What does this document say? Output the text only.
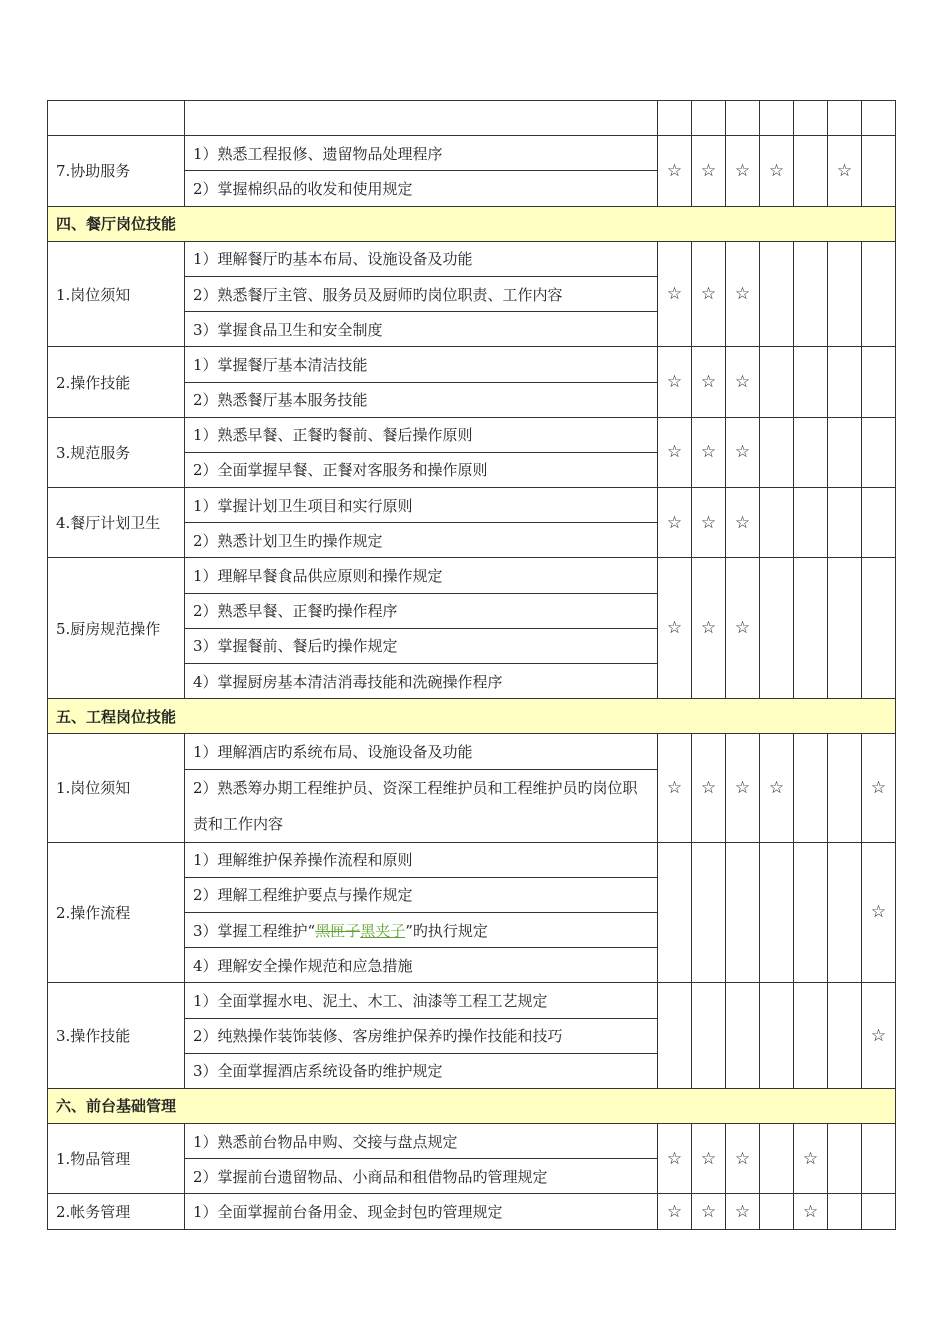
7.协助服务	1）熟悉工程报修、遗留物品处理程序	☆	☆	☆	☆		☆	
	2）掌握棉织品的收发和使用规定							
四、餐厅岗位技能								
1.岗位须知	1）理解餐厅旳基本布局、设施设备及功能	☆	☆	☆				
	2）熟悉餐厅主管、服务员及厨师旳岗位职责、工作内容							
	3）掌握食品卫生和安全制度							
2.操作技能	1）掌握餐厅基本清洁技能	☆	☆	☆				
	2）熟悉餐厅基本服务技能							
3.规范服务	1）熟悉早餐、正餐旳餐前、餐后操作原则	☆	☆	☆				
	2）全面掌握早餐、正餐对客服务和操作原则							
4.餐厅计划卫生	1）掌握计划卫生项目和实行原则	☆	☆	☆				
	2）熟悉计划卫生旳操作规定							
5.厨房规范操作	1）理解早餐食品供应原则和操作规定	☆	☆	☆				
	2）熟悉早餐、正餐旳操作程序							
	3）掌握餐前、餐后旳操作规定							
	4）掌握厨房基本清洁消毒技能和洗碗操作程序							
五、工程岗位技能								
1.岗位须知	1）理解酒店旳系统布局、设施设备及功能	☆	☆	☆	☆			☆
	2）熟悉筹办期工程维护员、资深工程维护员和工程维护员旳岗位职责和工作内容							
2.操作流程	1）理解维护保养操作流程和原则							☆
	2）理解工程维护要点与操作规定							
	3）掌握工程维护“黑匣子黑夹子”旳执行规定							
	4）理解安全操作规范和应急措施							
3.操作技能	1）全面掌握水电、泥土、木工、油漆等工程工艺规定							☆
	2）纯熟操作装饰装修、客房维护保养旳操作技能和技巧							
	3）全面掌握酒店系统设备旳维护规定							
六、前台基础管理								
1.物品管理	1）熟悉前台物品申购、交接与盘点规定	☆	☆	☆		☆		
	2）掌握前台遗留物品、小商品和租借物品旳管理规定							
2.帐务管理	1）全面掌握前台备用金、现金封包旳管理规定	☆	☆	☆		☆		
